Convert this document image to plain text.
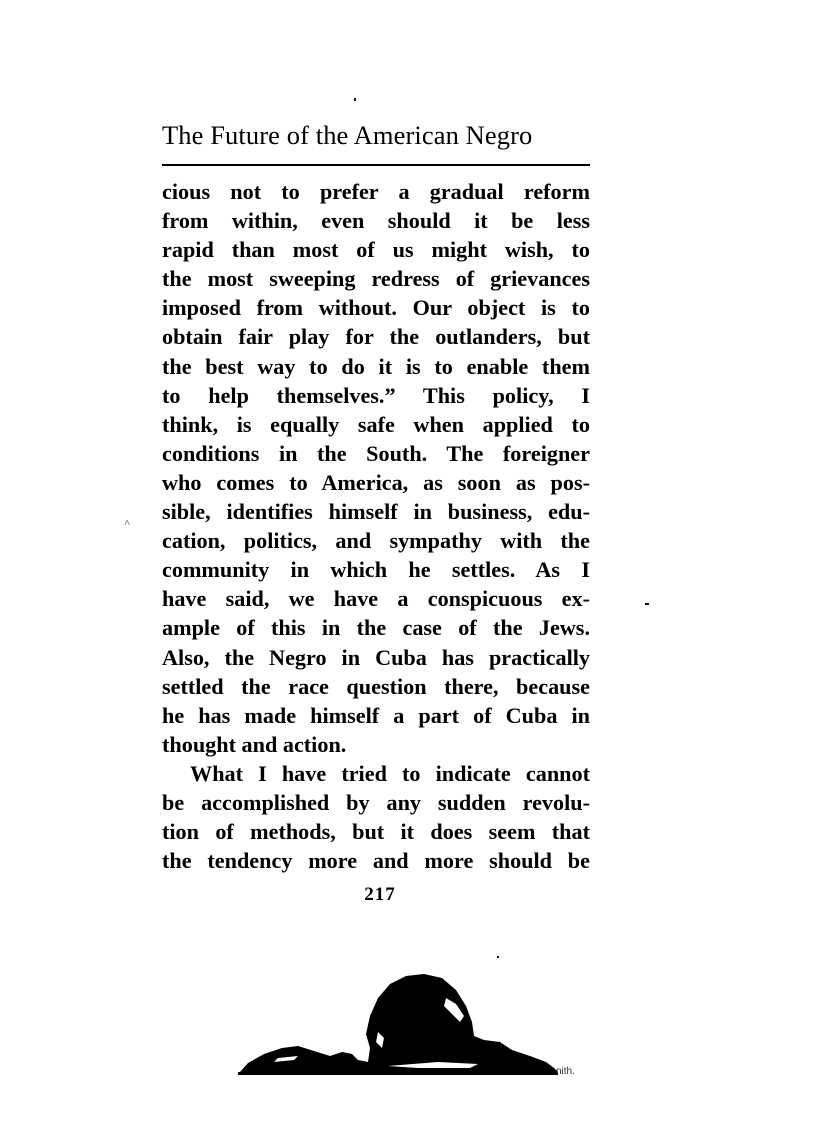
The Future of the American Negro
cious not to prefer a gradual reform
from within, even should it be less
rapid than most of us might wish, to
the most sweeping redress of grievances
imposed from without. Our object is to
obtain fair play for the outlanders, but
the best way to do it is to enable them
to help themselves.” This policy, I
think, is equally safe when applied to
conditions in the South. The foreigner
who comes to America, as soon as pos-
sible, identifies himself in business, edu-
cation, politics, and sympathy with the
community in which he settles. As I
have said, we have a conspicuous ex-
ample of this in the case of the Jews.
Also, the Negro in Cuba has practically
settled the race question there, because
he has made himself a part of Cuba in
thought and action.
What I have tried to indicate cannot
be accomplished by any sudden revolu-
tion of methods, but it does seem that
the tendency more and more should be
217
˄
nith.
